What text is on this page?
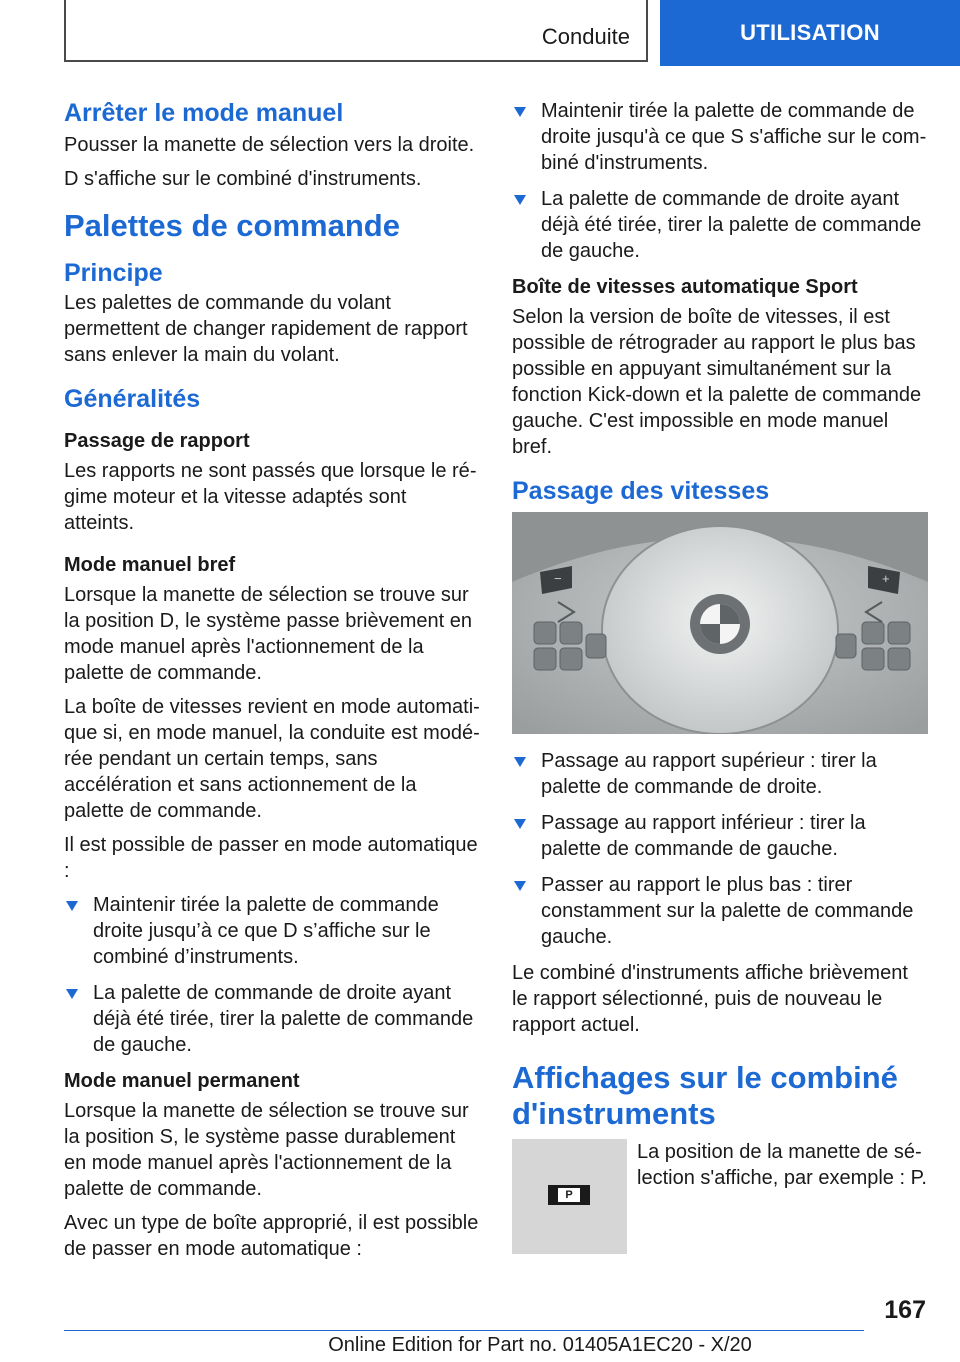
Conduite	UTILISATION
Arrêter le mode manuel
Pousser la manette de sélection vers la droite.
D s'affiche sur le combiné d'instruments.
Palettes de commande
Principe
Les palettes de commande du volant permettent de changer rapidement de rapport sans enlever la main du volant.
Généralités
Passage de rapport
Les rapports ne sont passés que lorsque le régime moteur et la vitesse adaptés sont atteints.
Mode manuel bref
Lorsque la manette de sélection se trouve sur la position D, le système passe brièvement en mode manuel après l'actionnement de la palette de commande.
La boîte de vitesses revient en mode automatique si, en mode manuel, la conduite est modérée pendant un certain temps, sans accélération et sans actionnement de la palette de commande.
Il est possible de passer en mode automatique :
Maintenir tirée la palette de commande droite jusqu’à ce que D s’affiche sur le combiné d’instruments.
La palette de commande de droite ayant déjà été tirée, tirer la palette de commande de gauche.
Mode manuel permanent
Lorsque la manette de sélection se trouve sur la position S, le système passe durablement en mode manuel après l'actionnement de la palette de commande.
Avec un type de boîte approprié, il est possible de passer en mode automatique :
Maintenir tirée la palette de commande de droite jusqu'à ce que S s'affiche sur le combiné d'instruments.
La palette de commande de droite ayant déjà été tirée, tirer la palette de commande de gauche.
Boîte de vitesses automatique Sport
Selon la version de boîte de vitesses, il est possible de rétrograder au rapport le plus bas possible en appuyant simultanément sur la fonction Kick-down et la palette de commande gauche. C'est impossible en mode manuel bref.
Passage des vitesses
−	+
Passage au rapport supérieur : tirer la palette de commande de droite.
Passage au rapport inférieur : tirer la palette de commande de gauche.
Passer au rapport le plus bas : tirer constamment sur la palette de commande gauche.
Le combiné d'instruments affiche brièvement le rapport sélectionné, puis de nouveau le rapport actuel.
Affichages sur le combiné d'instruments
P
La position de la manette de sélection s'affiche, par exemple : P.
167
Online Edition for Part no. 01405A1EC20 - X/20
